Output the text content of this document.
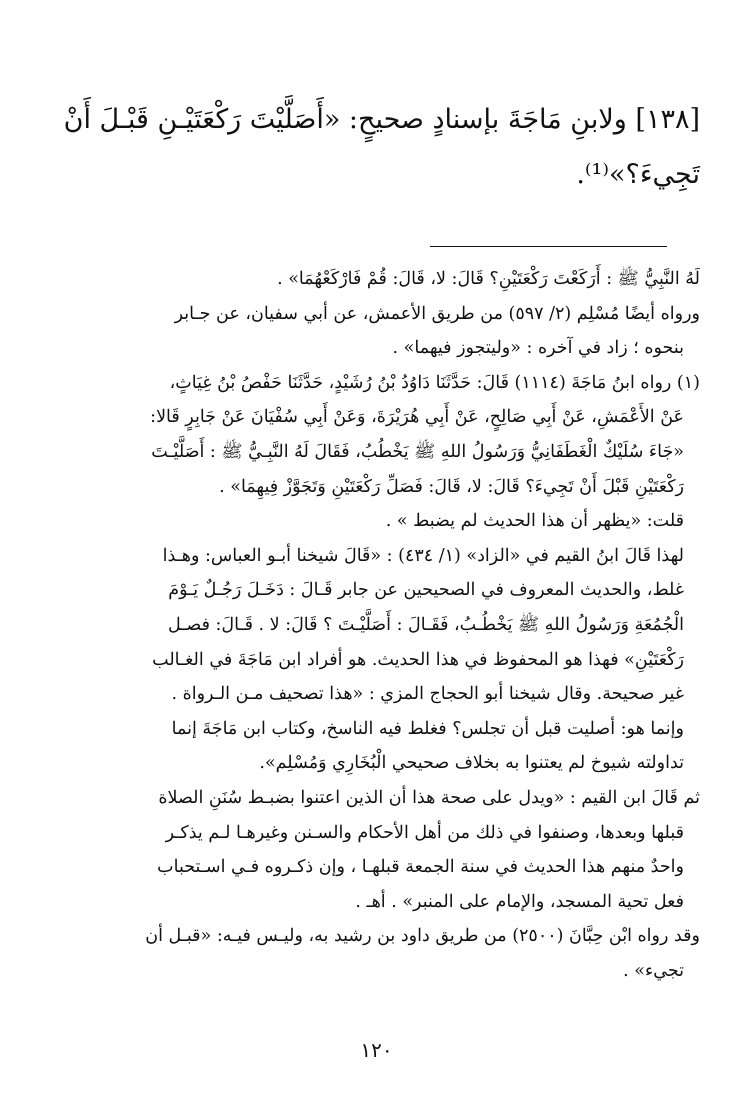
[١٣٨] ولابنِ مَاجَةَ بإسنادٍ صحيحٍ: «أَصَلَّيْتَ رَكْعَتَيْـنِ قَبْـلَ أَنْ
تَجِيءَ؟»⁽¹⁾.

لَهُ النَّبِيُّ ﷺ : أَرَكَعْتَ رَكْعَتَيْنِ؟ قَالَ: لا، قَالَ: قُمْ فَارْكَعْهُمَا» .

ورواه أيضًا مُسْلِم (٢/ ٥٩٧) من طريق الأعمش، عن أبي سفيان، عن جـابر

بنحوه ؛ زاد في آخره : «وليتجوز فيهما» .

(١) رواه ابنُ مَاجَةَ (١١١٤) قَالَ: حَدَّثَنَا دَاوُدُ بْنُ رُشَيْدٍ، حَدَّثَنَا حَفْصُ بْنُ غِيَاثٍ،

عَنْ الأَعْمَشِ، عَنْ أَبِي صَالِحٍ، عَنْ أَبِي هُرَيْرَةَ، وَعَنْ أَبِي سُفْيَانَ عَنْ جَابِرٍ قَالا:

«جَاءَ سُلَيْكٌ الْغَطَفَانِيُّ وَرَسُولُ اللهِ ﷺ يَخْطُبُ، فَقَالَ لَهُ النَّبِـيُّ ﷺ : أَصَلَّيْـتَ

رَكْعَتَيْنِ قَبْلَ أَنْ تَجِيءَ؟ قَالَ: لا، قَالَ: فَصَلِّ رَكْعَتَيْنِ وَتَجَوَّزْ فِيهِمَا» .

قلت: «يظهر أن هذا الحديث لم يضبط » .

لهذا قَالَ ابنُ القيم في «الزاد» (١/ ٤٣٤) : «قَالَ شيخنا أبـو العباس: وهـذا

غلط، والحديث المعروف في الصحيحين عن جابر قَـالَ : دَخَـلَ رَجُـلٌ يَـوْمَ

الْجُمُعَةِ وَرَسُولُ اللهِ ﷺ يَخْطُـبُ، فَقَـالَ : أَصَلَّيْـتَ ؟ قَالَ: لا . قَـالَ: فصـل

رَكْعَتَيْنِ» فهذا هو المحفوظ في هذا الحديث. هو أفراد ابن مَاجَةَ في الغـالب

غير صحيحة. وقال شيخنا أبو الحجاج المزي : «هذا تصحيف مـن الـرواة .

وإنما هو: أصليت قبل أن تجلس؟ فغلط فيه الناسخ، وكتاب ابن مَاجَةَ إنما

تداولته شيوخ لم يعتنوا به بخلاف صحيحي الْبُخَارِي وَمُسْلِم».

ثم قَالَ ابن القيم : «ويدل على صحة هذا أن الذين اعتنوا بضبـط سُنَنِ الصلاة

قبلها وبعدها، وصنفوا في ذلك من أهل الأحكام والسـنن وغيرهـا لـم يذكـر

واحدٌ منهم هذا الحديث في سنة الجمعة قبلهـا ، وإن ذكـروه فـي اسـتحباب

فعل تحية المسجد، والإمام على المنبر» . أهـ .

وقد رواه ابْن حِبَّانَ (٢٥٠٠) من طريق داود بن رشيد به، وليـس فيـه: «قبـل أن

تجيء» .

١٢٠
